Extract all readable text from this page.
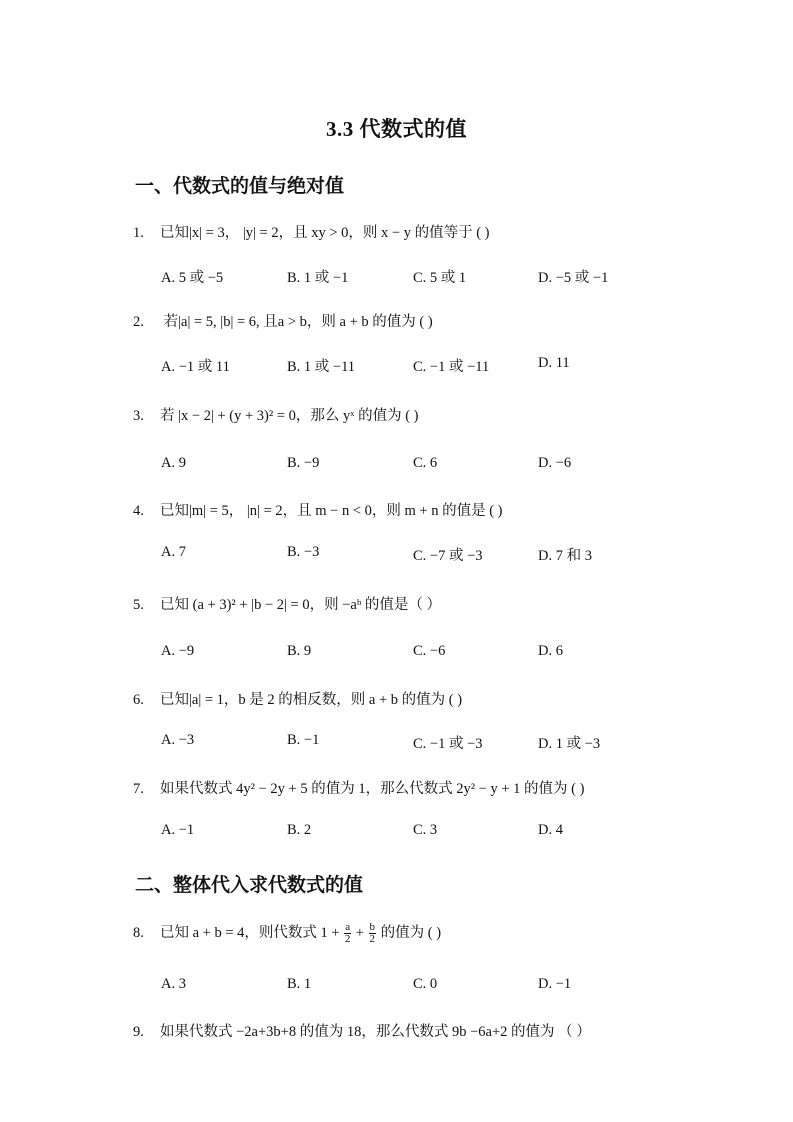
3.3 代数式的值
一、代数式的值与绝对值
1. 已知|x| = 3， |y| = 2，且 xy > 0，则 x − y 的值等于 ( )
A. 5 或 −5	B. 1 或 −1	C. 5 或 1	D. −5 或 −1
2. 若|a| = 5, |b| = 6, 且a > b，则 a + b 的值为 ( )
A. −1 或 11	B. 1 或 −11	C. −1 或 −11	D. 11
3. 若 |x − 2| + (y + 3)² = 0，那么 yˣ 的值为 ( )
A. 9	B. −9	C. 6	D. −6
4. 已知|m| = 5， |n| = 2，且 m − n < 0，则 m + n 的值是 ( )
A. 7	B. −3	C. −7 或 −3	D. 7 和 3
5. 已知 (a + 3)² + |b − 2| = 0，则 −aᵇ 的值是（ ）
A. −9	B. 9	C. −6	D. 6
6. 已知|a| = 1，b 是 2 的相反数，则 a + b 的值为 ( )
A. −3	B. −1	C. −1 或 −3	D. 1 或 −3
7. 如果代数式 4y² − 2y + 5 的值为 1，那么代数式 2y² − y + 1 的值为 ( )
A. −1	B. 2	C. 3	D. 4
二、整体代入求代数式的值
8. 已知 a + b = 4，则代数式 $1 + \frac{a}{2} + \frac{b}{2}$ 的值为 ( )
A. 3	B. 1	C. 0	D. −1
9. 如果代数式 −2a+3b+8 的值为 18，那么代数式 9b −6a+2 的值为 （ ）
